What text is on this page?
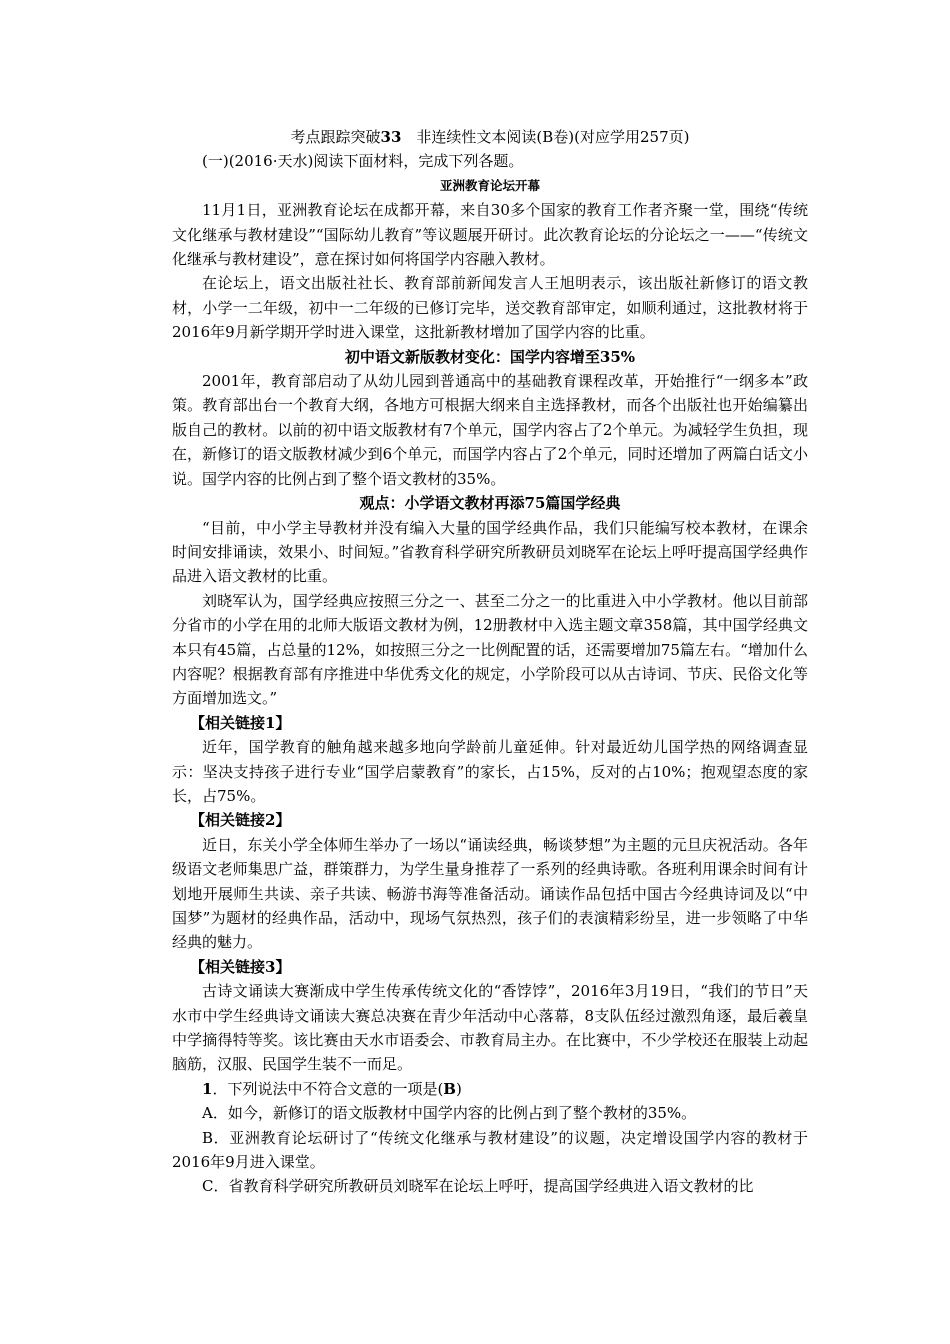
考点跟踪突破33　非连续性文本阅读(B卷)(对应学用257页)

(一)(2016·天水)阅读下面材料，完成下列各题。

亚洲教育论坛开幕

11月1日，亚洲教育论坛在成都开幕，来自30多个国家的教育工作者齐聚一堂，围绕“传统文化继承与教材建设”“国际幼儿教育”等议题展开研讨。此次教育论坛的分论坛之一——“传统文化继承与教材建设”，意在探讨如何将国学内容融入教材。

在论坛上，语文出版社社长、教育部前新闻发言人王旭明表示，该出版社新修订的语文教材，小学一二年级，初中一二年级的已修订完毕，送交教育部审定，如顺利通过，这批教材将于2016年9月新学期开学时进入课堂，这批新教材增加了国学内容的比重。

初中语文新版教材变化：国学内容增至35%

2001年，教育部启动了从幼儿园到普通高中的基础教育课程改革，开始推行“一纲多本”政策。教育部出台一个教育大纲，各地方可根据大纲来自主选择教材，而各个出版社也开始编纂出版自己的教材。以前的初中语文版教材有7个单元，国学内容占了2个单元。为减轻学生负担，现在，新修订的语文版教材减少到6个单元，而国学内容占了2个单元，同时还增加了两篇白话文小说。国学内容的比例占到了整个语文教材的35%。

观点：小学语文教材再添75篇国学经典

“目前，中小学主导教材并没有编入大量的国学经典作品，我们只能编写校本教材，在课余时间安排诵读，效果小、时间短。”省教育科学研究所教研员刘晓军在论坛上呼吁提高国学经典作品进入语文教材的比重。

刘晓军认为，国学经典应按照三分之一、甚至二分之一的比重进入中小学教材。他以目前部分省市的小学在用的北师大版语文教材为例，12册教材中入选主题文章358篇，其中国学经典文本只有45篇，占总量的12%，如按照三分之一比例配置的话，还需要增加75篇左右。“增加什么内容呢？根据教育部有序推进中华优秀文化的规定，小学阶段可以从古诗词、节庆、民俗文化等方面增加选文。”

【相关链接1】

近年，国学教育的触角越来越多地向学龄前儿童延伸。针对最近幼儿国学热的网络调查显示：坚决支持孩子进行专业“国学启蒙教育”的家长，占15%，反对的占10%；抱观望态度的家长，占75%。

【相关链接2】

近日，东关小学全体师生举办了一场以“诵读经典，畅谈梦想”为主题的元旦庆祝活动。各年级语文老师集思广益，群策群力，为学生量身推荐了一系列的经典诗歌。各班利用课余时间有计划地开展师生共读、亲子共读、畅游书海等准备活动。诵读作品包括中国古今经典诗词及以“中国梦”为题材的经典作品，活动中，现场气氛热烈，孩子们的表演精彩纷呈，进一步领略了中华经典的魅力。

【相关链接3】

古诗文诵读大赛渐成中学生传承传统文化的“香饽饽”，2016年3月19日，“我们的节日”天水市中学生经典诗文诵读大赛总决赛在青少年活动中心落幕，8支队伍经过激烈角逐，最后羲皇中学摘得特等奖。该比赛由天水市语委会、市教育局主办。在比赛中，不少学校还在服装上动起脑筋，汉服、民国学生装不一而足。

1．下列说法中不符合文意的一项是(B)

A．如今，新修订的语文版教材中国学内容的比例占到了整个教材的35%。

B．亚洲教育论坛研讨了“传统文化继承与教材建设”的议题，决定增设国学内容的教材于2016年9月进入课堂。

C．省教育科学研究所教研员刘晓军在论坛上呼吁，提高国学经典进入语文教材的比
